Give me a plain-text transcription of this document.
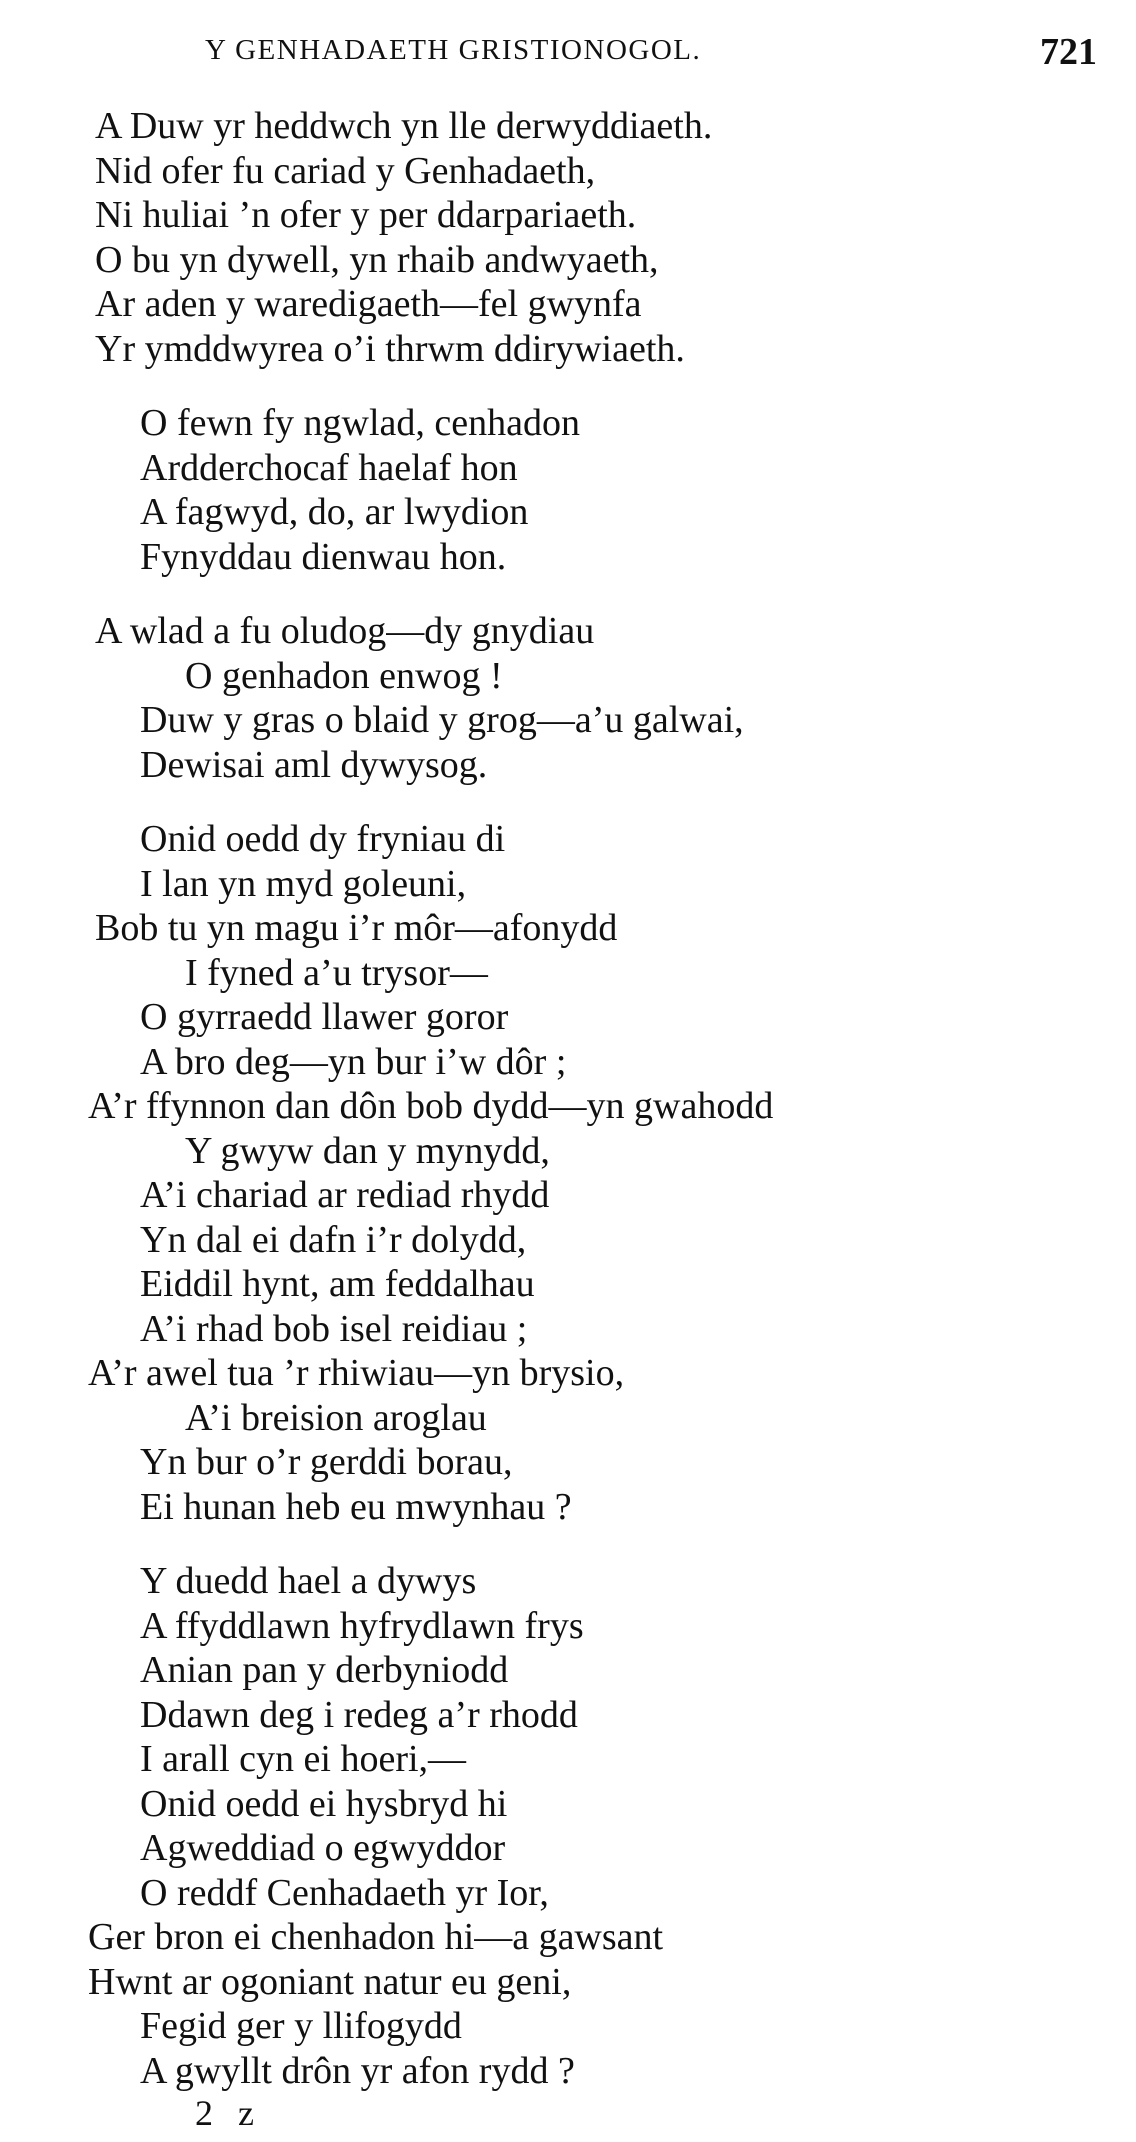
Y GENHADAETH GRISTIONOGOL.	721
A Duw yr heddwch yn lle derwyddiaeth.
Nid ofer fu cariad y Genhadaeth,
Ni huliai ’n ofer y per ddarpariaeth.
O bu yn dywell, yn rhaib andwyaeth,
Ar aden y waredigaeth—fel gwynfa
Yr ymddwyrea o’i thrwm ddirywiaeth.
O fewn fy ngwlad, cenhadon
Ardderchocaf haelaf hon
A fagwyd, do, ar lwydion
Fynyddau dienwau hon.
A wlad a fu oludog—dy gnydiau
O genhadon enwog !
Duw y gras o blaid y grog—a’u galwai,
Dewisai aml dywysog.
Onid oedd dy fryniau di
I lan yn myd goleuni,
Bob tu yn magu i’r môr—afonydd
I fyned a’u trysor—
O gyrraedd llawer goror
A bro deg—yn bur i’w dôr ;
A’r ffynnon dan dôn bob dydd—yn gwahodd
Y gwyw dan y mynydd,
A’i chariad ar rediad rhydd
Yn dal ei dafn i’r dolydd,
Eiddil hynt, am feddalhau
A’i rhad bob isel reidiau ;
A’r awel tua ’r rhiwiau—yn brysio,
A’i breision aroglau
Yn bur o’r gerddi borau,
Ei hunan heb eu mwynhau ?
Y duedd hael a dywys
A ffyddlawn hyfrydlawn frys
Anian pan y derbyniodd
Ddawn deg i redeg a’r rhodd
I arall cyn ei hoeri,—
Onid oedd ei hysbryd hi
Agweddiad o egwyddor
O reddf Cenhadaeth yr Ior,
Ger bron ei chenhadon hi—a gawsant
Hwnt ar ogoniant natur eu geni,
Fegid ger y llifogydd
A gwyllt drôn yr afon rydd ?
2 z
